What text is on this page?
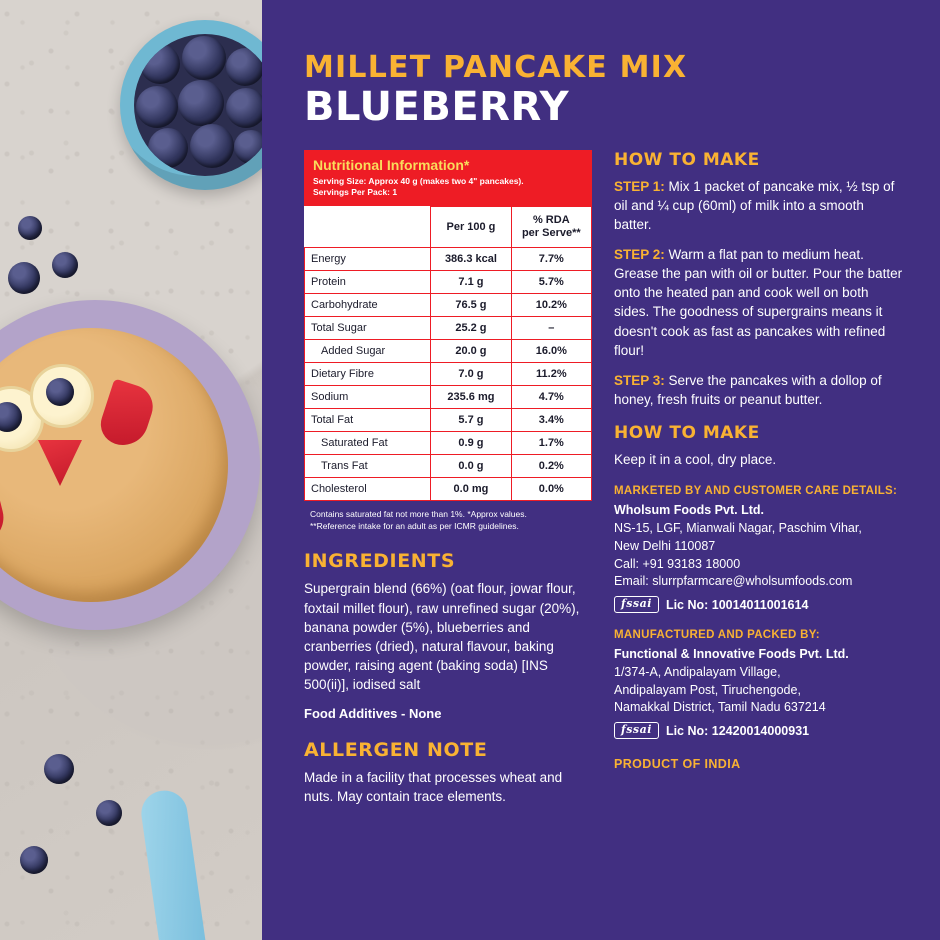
MILLET PANCAKE MIX
BLUEBERRY
Nutritional Information*
Serving Size: Approx 40 g (makes two 4" pancakes).
Servings Per Pack: 1
	Per 100 g	% RDA
per Serve**
Energy	386.3 kcal	7.7%
Protein	7.1 g	5.7%
Carbohydrate	76.5 g	10.2%
Total Sugar	25.2 g	–
Added Sugar	20.0 g	16.0%
Dietary Fibre	7.0 g	11.2%
Sodium	235.6 mg	4.7%
Total Fat	5.7 g	3.4%
Saturated Fat	0.9 g	1.7%
Trans Fat	0.0 g	0.2%
Cholesterol	0.0 mg	0.0%
Contains saturated fat not more than 1%. *Approx values.
**Reference intake for an adult as per ICMR guidelines.
INGREDIENTS
Supergrain blend (66%) (oat flour, jowar flour, foxtail millet flour), raw unrefined sugar (20%), banana powder (5%), blueberries and cranberries (dried), natural flavour, baking powder, raising agent (baking soda) [INS 500(ii)], iodised salt
Food Additives - None
ALLERGEN NOTE
Made in a facility that processes wheat and nuts. May contain trace elements.
HOW TO MAKE
STEP 1: Mix 1 packet of pancake mix, ½ tsp of oil and ¼ cup (60ml) of milk into a smooth batter.
STEP 2: Warm a flat pan to medium heat. Grease the pan with oil or butter. Pour the batter onto the heated pan and cook well on both sides. The goodness of supergrains means it doesn't cook as fast as pancakes with refined flour!
STEP 3: Serve the pancakes with a dollop of honey, fresh fruits or peanut butter.
HOW TO MAKE
Keep it in a cool, dry place.
MARKETED BY AND CUSTOMER CARE DETAILS:
Wholsum Foods Pvt. Ltd.
NS-15, LGF, Mianwali Nagar, Paschim Vihar,
New Delhi 110087
Call: +91 93183 18000
Email: slurrpfarmcare@wholsumfoods.com
fssai	Lic No: 10014011001614
MANUFACTURED AND PACKED BY:
Functional & Innovative Foods Pvt. Ltd.
1/374-A, Andipalayam Village,
Andipalayam Post, Tiruchengode,
Namakkal District, Tamil Nadu 637214
fssai	Lic No: 12420014000931
PRODUCT OF INDIA
